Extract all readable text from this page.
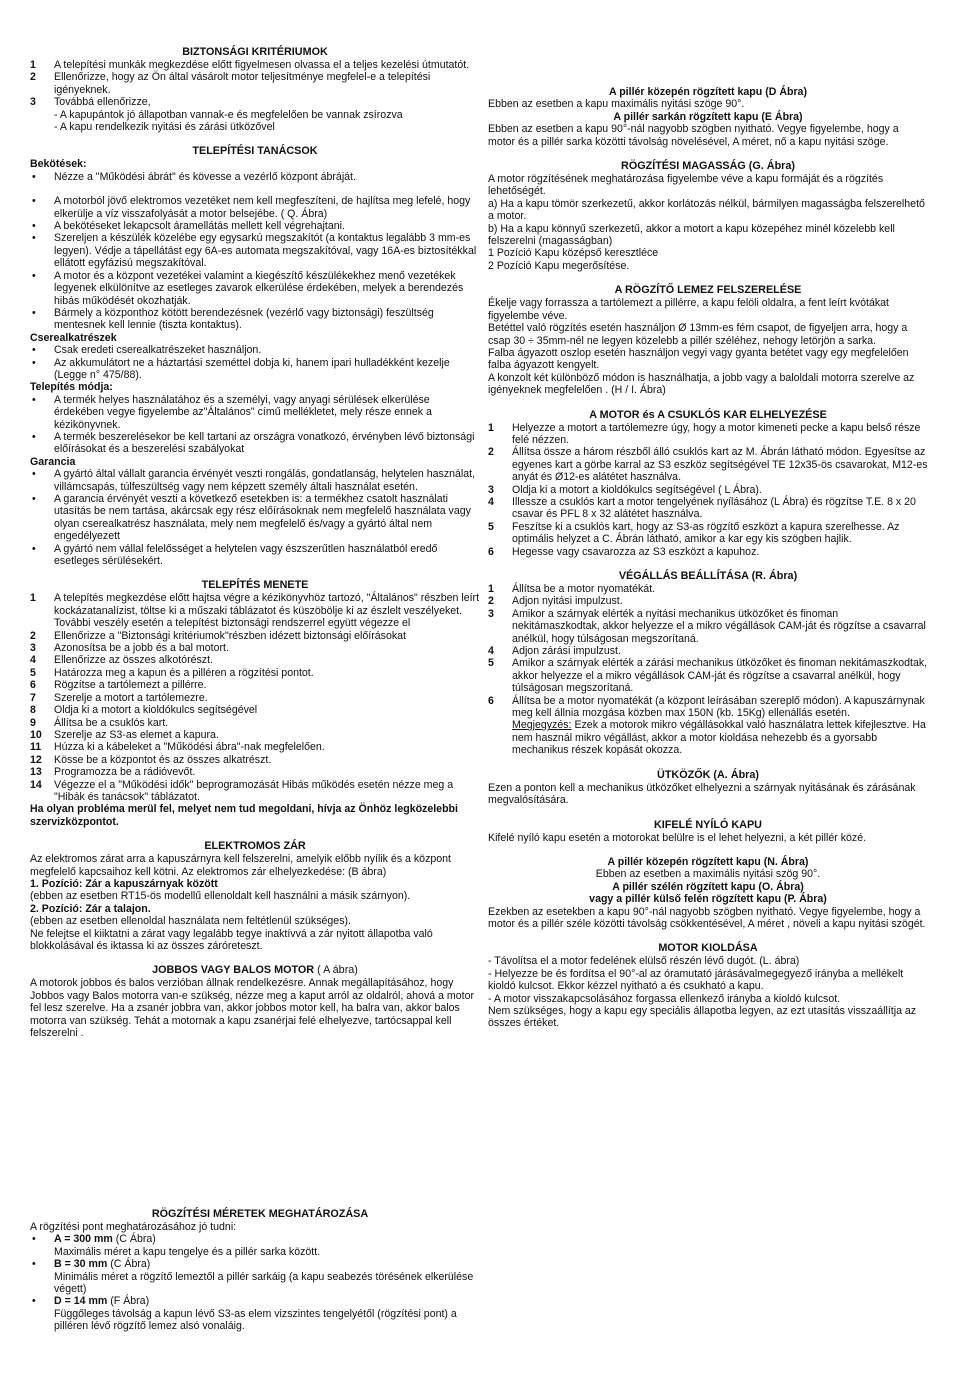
BIZTONSÁGI KRITÉRIUMOK

1 A telepítési munkák megkezdése előtt figyelmesen olvassa el a teljes kezelési útmutatót.

2 Ellenőrizze, hogy az Ön által vásárolt motor teljesítménye megfelel-e a telepítési igényeknek.

3 Továbbá ellenőrizze,

- A kapupántok jó állapotban vannak-e és megfelelően be vannak zsírozva

- A kapu rendelkezik nyitási és zárási ütközővel

TELEPÍTÉSI TANÁCSOK

Bekötések:

• Nézze a "Működési ábrát" és kövesse a vezérlő központ ábráját.

• A motorból jövő elektromos vezetéket nem kell megfeszíteni, de hajlítsa meg lefelé, hogy elkerülje a víz visszafolyását a motor belsejébe. ( Q. Ábra)

• A bekötéseket lekapcsolt áramellátás mellett kell végrehajtani.

• Szereljen a készülék közelébe egy egysarkú megszakítót (a kontaktus legalább 3 mm-es legyen). Védje a tápellátást egy 6A-es automata megszakítóval, vagy 16A-es biztosítékkal ellátott egyfázisú megszakítóval.

• A motor és a központ vezetékei valamint a kiegészítő készülékekhez menő vezetékek legyenek elkülönítve az esetleges zavarok elkerülése érdekében, melyek a berendezés hibás működését okozhatják.

• Bármely a központhoz kötött berendezésnek (vezérlő vagy biztonsági) feszültség mentesnek kell lennie (tiszta kontaktus).

Cserealkatrészek

• Csak eredeti cserealkatrészeket használjon.

• Az akkumulátort ne a háztartási szeméttel dobja ki, hanem ipari hulladékként kezelje (Legge n° 475/88).

Telepítés módja:

• A termék helyes használatához és a személyi, vagy anyagi sérülések elkerülése érdekében vegye figyelembe az"Általános" című mellékletet, mely része ennek a kézikönyvnek.

• A termék beszerelésekor be kell tartani az országra vonatkozó, érvényben lévő biztonsági előírásokat és a beszerelési szabályokat

Garancia

• A gyártó által vállalt garancia érvényét veszti rongálás, gondatlanság, helytelen használat, villámcsapás, túlfeszültség vagy nem képzett személy általi használat esetén.

• A garancia érvényét veszti a következő esetekben is: a termékhez csatolt használati utasítás be nem tartása, akárcsak egy rész előírásoknak nem megfelelő használata vagy olyan cserealkatrész használata, mely nem megfelelő és/vagy a gyártó által nem engedélyezett

• A gyártó nem vállal felelősséget a helytelen vagy észszerűtlen használatból eredő esetleges sérülésekért.

TELEPÍTÉS MENETE

1 A telepítés megkezdése előtt hajtsa végre a kézikönyvhöz tartozó, "Általános" részben leírt kockázatanalízist, töltse ki a műszaki táblázatot és küszöbölje ki az észlelt veszélyeket. További veszély esetén a telepítést biztonsági rendszerrel együtt végezze el

2 Ellenőrizze a "Biztonsági kritériumok"részben idézett biztonsági előírásokat

3 Azonosítsa be a jobb és a bal motort.

4 Ellenőrizze az összes alkotórészt.

5 Határozza meg a kapun és a pilléren a rögzítési pontot.

6 Rögzítse a tartólemezt a pillérre.

7 Szerelje a motort a tartólemezre.

8 Oldja ki a motort a kioldókulcs segítségével

9 Állítsa be a csuklós kart.

10 Szerelje az S3-as elemet a kapura.

11 Húzza ki a kábeleket a "Működési ábra"-nak megfelelően.

12 Kösse be a központot és az összes alkatrészt.

13 Programozza be a rádióvevőt.

14 Végezze el a "Működési idők" beprogramozását Hibás működés esetén nézze meg a "Hibák és tanácsok" táblázatot.

Ha olyan probléma merül fel, melyet nem tud megoldani, hívja az Önhöz legközelebbi szervizközpontot.

ELEKTROMOS ZÁR

Az elektromos zárat arra a kapuszárnyra kell felszerelni, amelyik előbb nyílik és a központ megfelelő kapcsaihoz kell kötni. Az elektromos zár elhelyezkedése: (B ábra)

1. Pozíció: Zár a kapuszárnyak között

(ebben az esetben RT15-ös modellű ellenoldalt kell használni a másik szárnyon).

2. Pozíció: Zár a talajon.

(ebben az esetben ellenoldal használata nem feltétlenül szükséges).

Ne felejtse el kiiktatni a zárat vagy legalább tegye inaktívvá a zár nyitott állapotba való blokkolásával és iktassa ki az összes záróreteszt.

JOBBOS VAGY BALOS MOTOR ( A ábra)

A motorok jobbos és balos verzióban állnak rendelkezésre. Annak megállapításához, hogy Jobbos vagy Balos motorra van-e szükség, nézze meg a kaput arról az oldalról, ahová a motor fel lesz szerelve. Ha a zsanér jobbra van, akkor jobbos motor kell, ha balra van, akkor balos motorra van szükség. Tehát a motornak a kapu zsanérjai felé elhelyezve, tartócsappal kell felszerelni .

RÖGZÍTÉSI MÉRETEK MEGHATÁROZÁSA

A rögzítési pont meghatározásához jó tudni:

• A = 300 mm (C Ábra)
Maximális méret a kapu tengelye és a pillér sarka között.

• B = 30 mm (C Ábra)
Minimális méret a rögzítő lemeztől a pillér sarkáig (a kapu seabezés törésének elkerülése végett)

• D = 14 mm (F Ábra)
Függőleges távolság a kapun lévő S3-as elem vizszintes tengelyétől (rögzítési pont) a pilléren lévő rögzítő lemez alsó vonaláig.

A pillér közepén rögzített kapu (D Ábra)

Ebben az esetben a kapu maximális nyitási szöge 90°.

A pillér sarkán rögzített kapu (E Ábra)

Ebben az esetben a kapu 90°-nál nagyobb szögben nyitható. Vegye figyelembe, hogy a motor és a pillér sarka közötti távolság növelésével, A méret, nő a kapu nyitási szöge.

RÖGZÍTÉSI MAGASSÁG (G. Ábra)

A motor rögzítésének meghatározása figyelembe véve a kapu formáját és a rögzítés lehetőségét.

a) Ha a kapu tömör szerkezetű, akkor korlátozás nélkül, bármilyen magasságba felszerelhető a motor.

b) Ha a kapu könnyű szerkezetű, akkor a motort a kapu közepéhez minél közelebb kell felszerelni (magasságban)

1 Pozíció Kapu középső keresztléce

2 Pozíció Kapu megerősítése.

A RÖGZÍTŐ LEMEZ FELSZERELÉSE

Ékelje vagy forrassza a tartólemezt a pillérre, a kapu felöli oldalra, a fent leírt kvótákat figyelembe véve.

Betéttel való rögzítés esetén használjon Ø 13mm-es fém csapot, de figyeljen arra, hogy a csap 30 ÷ 35mm-nél ne legyen közelebb a pillér széléhez, nehogy letörjön a sarka.

Falba ágyazott oszlop esetén használjon vegyi vagy gyanta betétet vagy egy megfelelően falba ágyazott kengyelt.

A konzolt két különböző módon is használhatja, a jobb vagy a baloldali motorra szerelve az igényeknek megfelelően . (H / I. Ábra)

A MOTOR és A CSUKLÓS KAR ELHELYEZÉSE

1 Helyezze a motort a tartólemezre úgy, hogy a motor kimeneti pecke a kapu belső része felé nézzen.

2 Állítsa össze a három részből álló csuklós kart az M. Ábrán látható módon. Egyesítse az egyenes kart a görbe karral az S3 eszköz segítségével TE 12x35-ös csavarokat, M12-es anyát és Ø12-es alátétet használva.

3 Oldja ki a motort a kioldókulcs segítségével ( L Ábra).

4 Illessze a csuklós kart a motor tengelyének nyílásához (L Ábra) és rögzítse T.E. 8 x 20 csavar és PFL 8 x 32 alátétet használva.

5 Feszítse ki a csuklós kart, hogy az S3-as rögzítő eszközt a kapura szerelhesse. Az optimális helyzet a C. Ábrán látható, amikor a kar egy kis szögben hajlik.

6 Hegesse vagy csavarozza az S3 eszközt a kapuhoz.

VÉGÁLLÁS BEÁLLÍTÁSA (R. Ábra)

1 Állítsa be a motor nyomatékát.

2 Adjon nyitási impulzust.

3 Amikor a szárnyak elérték a nyitási mechanikus ütközőket és finoman nekitámaszkodtak, akkor helyezze el a mikro végállások CAM-ját és rögzítse a csavarral anélkül, hogy túlságosan megszorítaná.

4 Adjon zárási impulzust.

5 Amikor a szárnyak elérték a zárási mechanikus ütközőket és finoman nekitámaszkodtak, akkor helyezze el a mikro végállások CAM-ját és rögzítse a csavarral anélkül, hogy túlságosan megszorítaná.

6 Állítsa be a motor nyomatékát (a központ leírásában szereplő módon). A kapuszárnynak meg kell állnia mozgása közben max 150N (kb. 15Kg) ellenállás esetén.

Megjegyzés: Ezek a motorok mikro végállásokkal való használatra lettek kifejlesztve. Ha nem használ mikro végállást, akkor a motor kioldása nehezebb és a gyorsabb mechanikus részek kopását okozza.

ÜTKÖZŐK (A. Ábra)

Ezen a ponton kell a mechanikus ütközőket elhelyezni a szárnyak nyitásának és zárásának megvalósítására.

KIFELÉ NYÍLÓ KAPU

Kifelé nyíló kapu esetén a motorokat belülre is el lehet helyezni, a két pillér közé.

A pillér közepén rögzített kapu (N. Ábra)

Ebben az esetben a maximális nyitási szög 90°.

A pillér szélén rögzített kapu (O. Ábra)

vagy a pillér külső felén rögzített kapu (P. Ábra)

Ezekben az esetekben a kapu 90°-nál nagyobb szögben nyitható. Vegye figyelembe, hogy a motor és a pillér széle közötti távolság csökkentésével, A méret , növeli a kapu nyitási szögét.

MOTOR KIOLDÁSA

- Távolítsa el a motor fedelének elülső részén lévő dugót. (L. ábra)

- Helyezze be és fordítsa el 90°-al az óramutató járásávalmegegyező irányba a mellékelt kioldó kulcsot. Ekkor kézzel nyitható a és csukható a kapu.

- A motor visszakapcsolásához forgassa ellenkező irányba a kioldó kulcsot.

Nem szükséges, hogy a kapu egy speciális állapotba legyen, az ezt utasítás visszaállítja az összes értéket.
